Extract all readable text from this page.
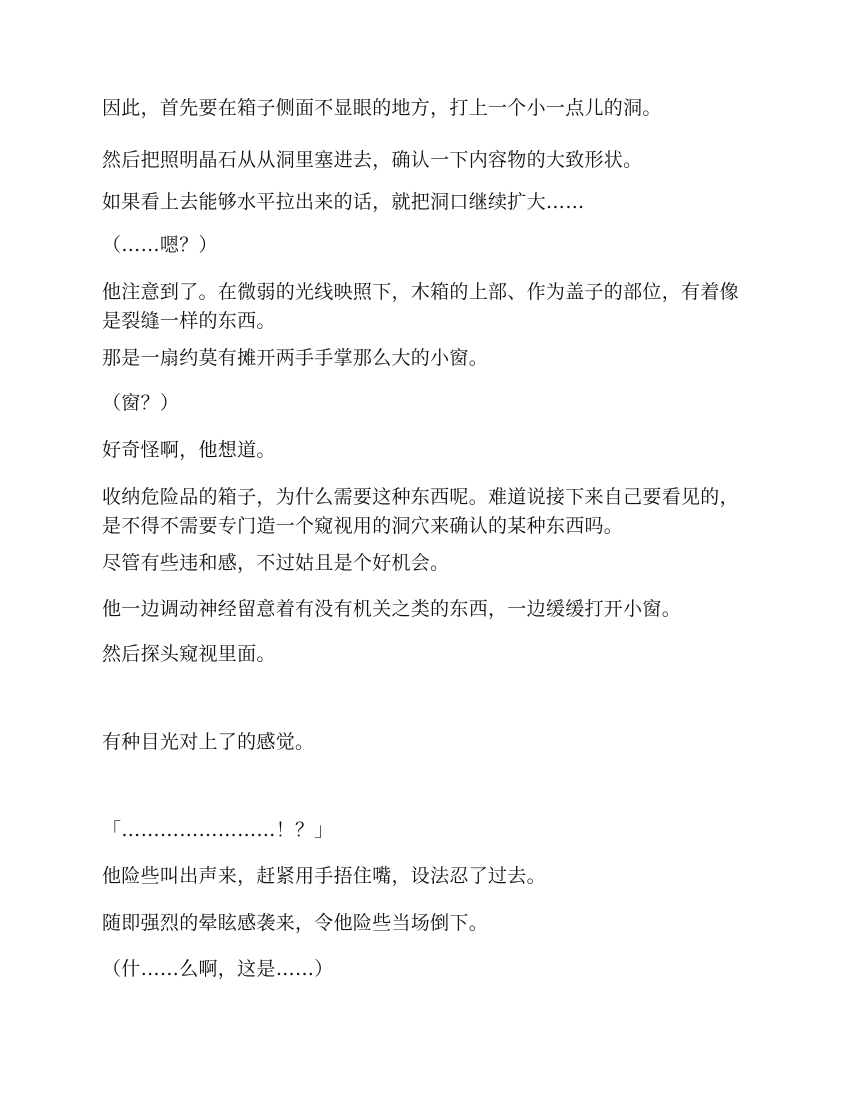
因此，首先要在箱子侧面不显眼的地方，打上一个小一点儿的洞。

然后把照明晶石从从洞里塞进去，确认一下内容物的大致形状。

如果看上去能够水平拉出来的话，就把洞口继续扩大……

（……嗯？）

他注意到了。在微弱的光线映照下，木箱的上部、作为盖子的部位，有着像是裂缝一样的东西。

那是一扇约莫有摊开两手手掌那么大的小窗。

（窗？）

好奇怪啊，他想道。

收纳危险品的箱子，为什么需要这种东西呢。难道说接下来自己要看见的，是不得不需要专门造一个窥视用的洞穴来确认的某种东西吗。

尽管有些违和感，不过姑且是个好机会。

他一边调动神经留意着有没有机关之类的东西，一边缓缓打开小窗。

然后探头窥视里面。

有种目光对上了的感觉。

「……………………！？」

他险些叫出声来，赶紧用手捂住嘴，设法忍了过去。

随即强烈的晕眩感袭来，令他险些当场倒下。

（什……么啊，这是……）
